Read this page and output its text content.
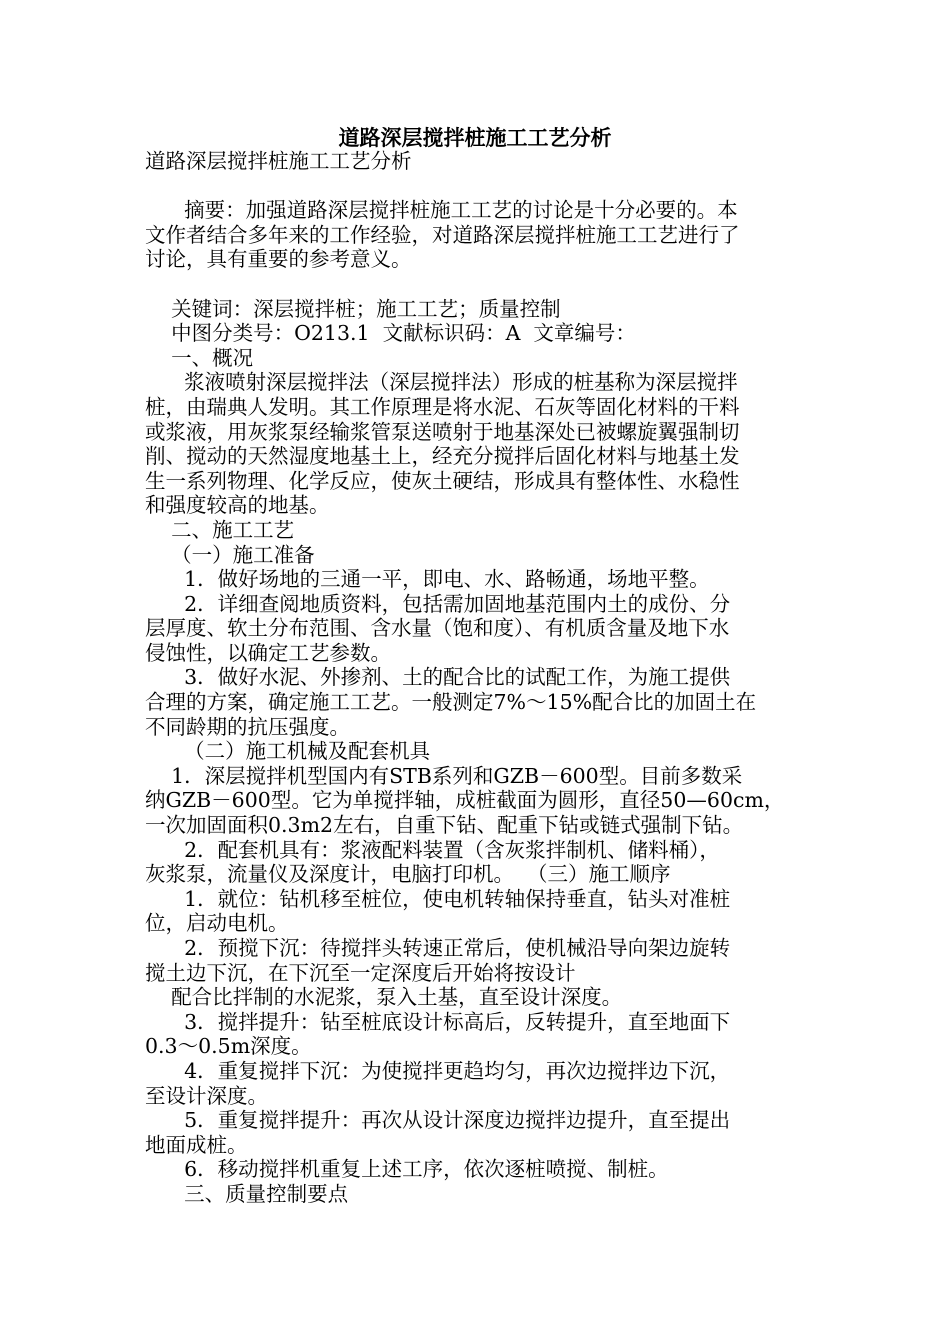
道路深层搅拌桩施工工艺分析
道路深层搅拌桩施工工艺分析
摘要：加强道路深层搅拌桩施工工艺的讨论是十分必要的。本
文作者结合多年来的工作经验，对道路深层搅拌桩施工工艺进行了
讨论，具有重要的参考意义。
关键词：深层搅拌桩；施工工艺；质量控制
中图分类号：O213.1  文献标识码：A  文章编号：
一、概况
浆液喷射深层搅拌法（深层搅拌法）形成的桩基称为深层搅拌
桩，由瑞典人发明。其工作原理是将水泥、石灰等固化材料的干料
或浆液，用灰浆泵经输浆管泵送喷射于地基深处已被螺旋翼强制切
削、搅动的天然湿度地基土上，经充分搅拌后固化材料与地基土发
生一系列物理、化学反应，使灰土硬结，形成具有整体性、水稳性
和强度较高的地基。
二、施工工艺
（一）施工准备
1．做好场地的三通一平，即电、水、路畅通，场地平整。
2．详细查阅地质资料，包括需加固地基范围内土的成份、分
层厚度、软土分布范围、含水量（饱和度）、有机质含量及地下水
侵蚀性，以确定工艺参数。
3．做好水泥、外掺剂、土的配合比的试配工作，为施工提供
合理的方案，确定施工工艺。一般测定7%～15%配合比的加固土在
不同龄期的抗压强度。
（二）施工机械及配套机具
1．深层搅拌机型国内有STB系列和GZB－600型。目前多数采
纳GZB－600型。它为单搅拌轴，成桩截面为圆形，直径50—60cm，
一次加固面积0.3m2左右，自重下钻、配重下钻或链式强制下钻。
2．配套机具有：浆液配料装置（含灰浆拌制机、储料桶），
灰浆泵，流量仪及深度计，电脑打印机。  （三）施工顺序
1．就位：钻机移至桩位，使电机转轴保持垂直，钻头对准桩
位，启动电机。
2．预搅下沉：待搅拌头转速正常后，使机械沿导向架边旋转
搅土边下沉，在下沉至一定深度后开始将按设计
配合比拌制的水泥浆，泵入土基，直至设计深度。
3．搅拌提升：钻至桩底设计标高后，反转提升，直至地面下
0.3～0.5m深度。
4．重复搅拌下沉：为使搅拌更趋均匀，再次边搅拌边下沉，
至设计深度。
5．重复搅拌提升：再次从设计深度边搅拌边提升，直至提出
地面成桩。
6．移动搅拌机重复上述工序，依次逐桩喷搅、制桩。
三、质量控制要点
